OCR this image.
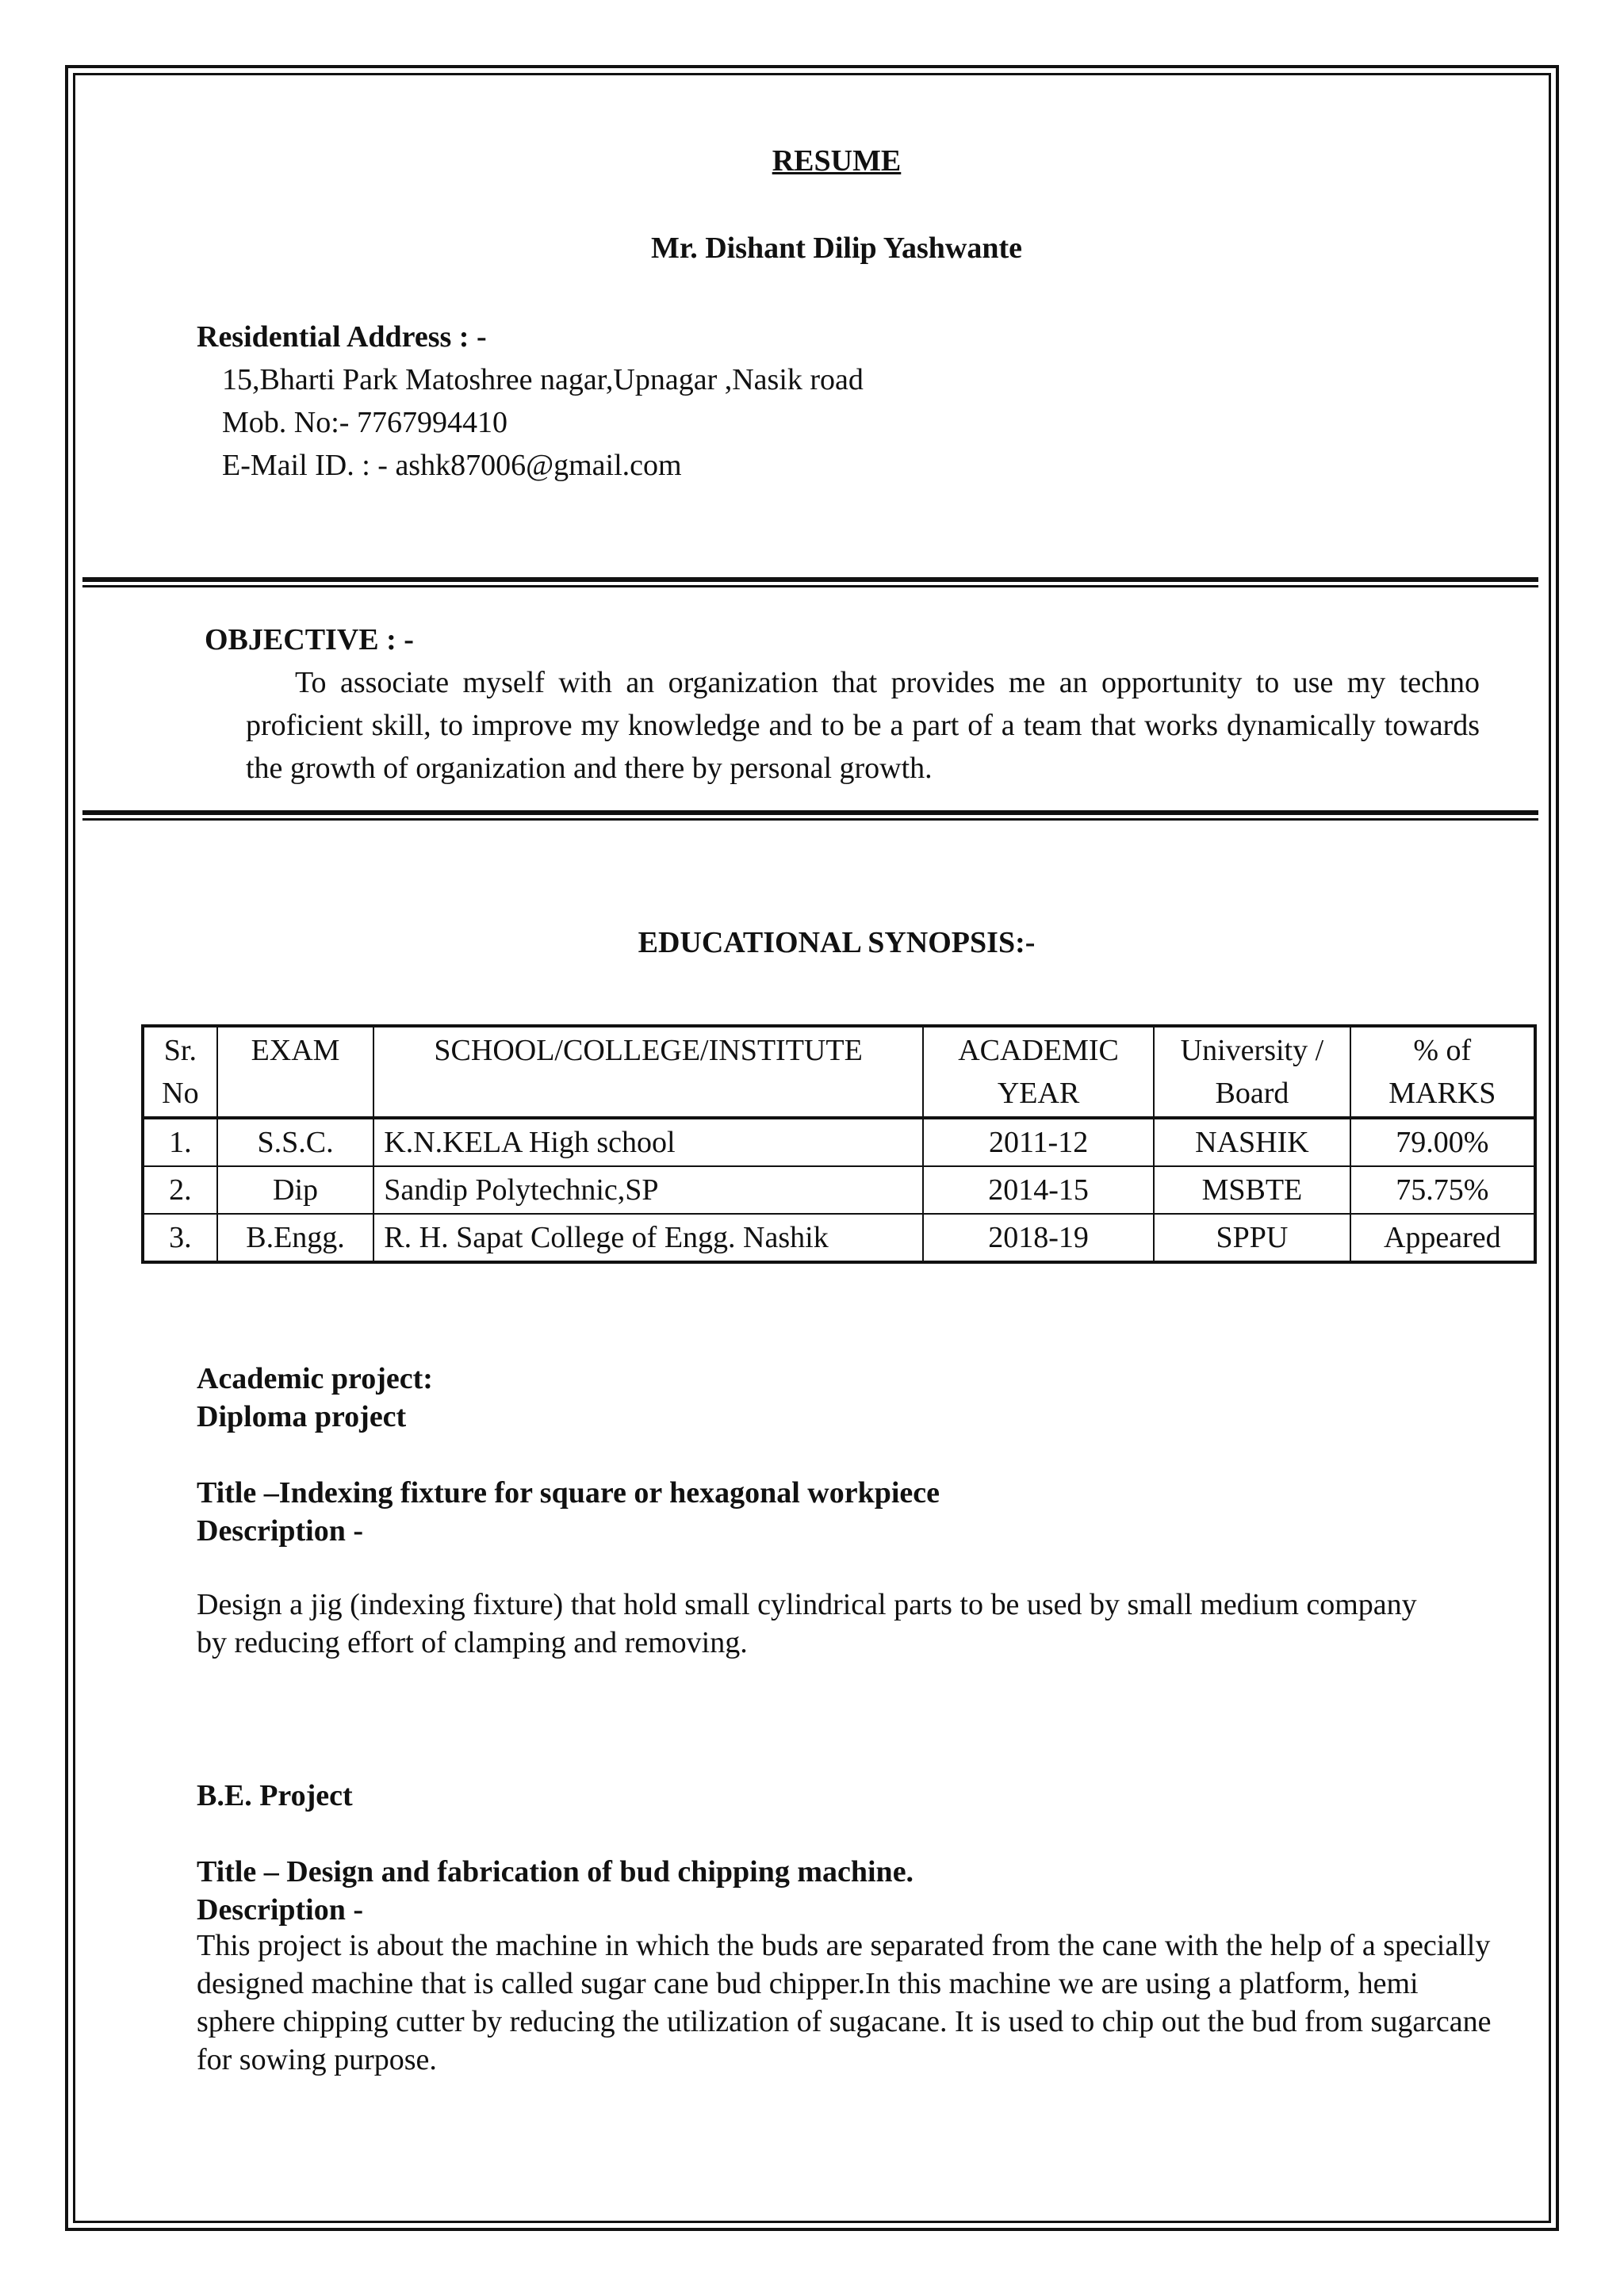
RESUME
Mr. Dishant Dilip Yashwante
Residential Address : -
15,Bharti Park Matoshree nagar,Upnagar ,Nasik road
Mob. No:- 7767994410
E-Mail ID. : - ashk87006@gmail.com
OBJECTIVE : -
To associate myself with an organization that provides me an opportunity to use my techno proficient skill, to improve my knowledge and to be a part of a team that works dynamically towards the growth of organization and there by personal growth.
EDUCATIONAL SYNOPSIS:-
Sr. No	EXAM	SCHOOL/COLLEGE/INSTITUTE	ACADEMIC YEAR	University / Board	% of MARKS
1.	S.S.C.	K.N.KELA High school	2011-12	NASHIK	79.00%
2.	Dip	Sandip Polytechnic,SP	2014-15	MSBTE	75.75%
3.	B.Engg.	R. H. Sapat College of Engg. Nashik	2018-19	SPPU	Appeared
Academic project:
Diploma project
Title –Indexing fixture for square or hexagonal workpiece
Description -
Design a jig (indexing fixture) that hold small cylindrical parts to be used by small medium company by reducing effort of clamping and removing.
B.E. Project
Title – Design and fabrication of bud chipping machine.
Description -
This project is about the machine in which the buds are separated from the cane with the help of a specially designed machine that is called sugar cane bud chipper.In this machine we are using a platform, hemi sphere chipping cutter by reducing the utilization of sugacane. It is used to chip out the bud from sugarcane for sowing purpose.
